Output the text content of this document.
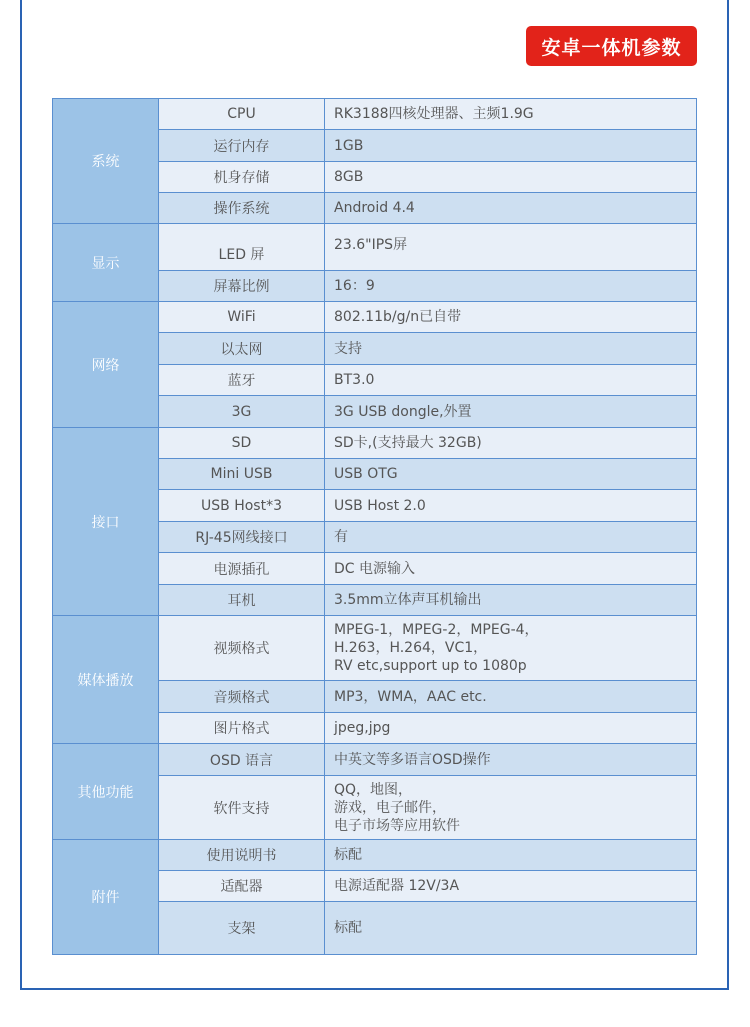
安卓一体机参数
系统	CPU	RK3188四核处理器、主频1.9G

	运行内存	1GB

	机身存储	8GB

	操作系统	Android 4.4

显示	LED 屏	23.6"IPS屏

	屏幕比例	16：9

网络	WiFi	802.11b/g/n已自带

	以太网	支持

	蓝牙	BT3.0

	3G	3G USB dongle,外置

接口	SD	SD卡,(支持最大 32GB)

	Mini USB	USB OTG

	USB Host*3	USB Host 2.0

	RJ-45网线接口	有

	电源插孔	DC 电源输入

	耳机	3.5mm立体声耳机输出

媒体播放	视频格式	MPEG-1，MPEG-2，MPEG-4，
H.263，H.264，VC1，
RV etc,support up to 1080p

	音频格式	MP3，WMA，AAC etc.

	图片格式	jpeg,jpg

其他功能	OSD 语言	中英文等多语言OSD操作

	软件支持	QQ，地图，
游戏，电子邮件，
电子市场等应用软件

附件	使用说明书	标配

	适配器	电源适配器 12V/3A

	支架	标配
